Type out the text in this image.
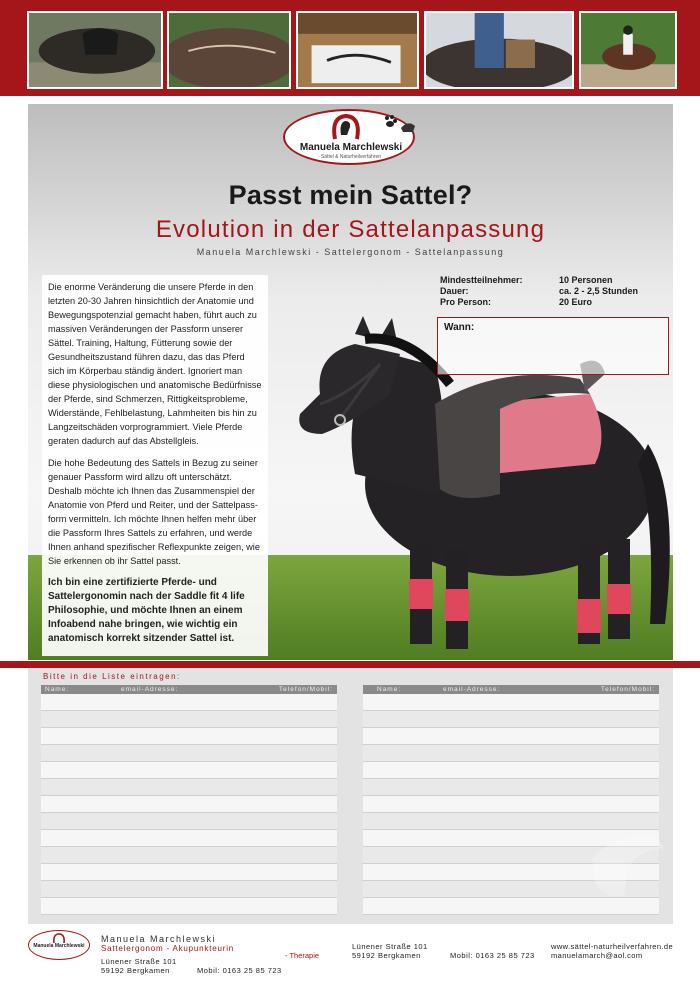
Manuela Marchlewski
Sättel & Naturheilverfahren
Passt mein Sattel?
Evolution in der Sattelanpassung
Manuela Marchlewski - Sattelergonom - Sattelanpassung

Die enorme Veränderung die unsere Pferde in den letzten 20-30 Jahren hinsichtlich der Anatomie und Bewegungspotenzial gemacht haben, führt auch zu massiven Veränderungen der Passform unserer Sättel. Training, Haltung, Fütterung sowie der Gesundheitszustand führen dazu, das das Pferd sich im Körperbau ständig ändert. Ignoriert man diese physiologischen und anatomische Bedürfnisse der Pferde, sind Schmerzen, Rittigkeitsprobleme, Widerstände, Fehlbelastung, Lahmheiten bis hin zu Langzeitschäden vorprogrammiert. Viele Pferde geraten dadurch auf das Abstellgleis.

Die hohe Bedeutung des Sattels in Bezug zu seiner genauer Passform wird allzu oft unterschätzt. Deshalb möchte ich Ihnen das Zusammenspiel der Anatomie von Pferd und Reiter, und der Sattelpass-form vermitteln. Ich möchte Ihnen helfen mehr über die Passform Ihres Sattels zu erfahren, und werde Ihnen anhand spezifischer Reflexpunkte zeigen, wie Sie erkennen ob ihr Sattel passt.

Ich bin eine zertifizierte Pferde- und Sattelergonomin nach der Saddle fit 4 life Philosophie, und möchte Ihnen an einem Infoabend nahe bringen, wie wichtig ein anatomisch korrekt sitzender Sattel ist.

Mindestteilnehmer:	10 Personen
Dauer:	ca. 2 - 2,5 Stunden
Pro Person:	20 Euro
Wann:
Bitte in die Liste eintragen:
Name:	email-Adresse:	Telefon/Mobil:	Name:	email-Adresse:	Telefon/Mobil:
Manuela Marchlewski
Manuela Marchlewski
Sattelergonom - Akupunkteurin
- Therapie
Lünener Straße 101
59192 Bergkamen	Mobil: 0163 25 85 723
Lünener Straße 101
59192 Bergkamen	Mobil: 0163 25 85 723
www.sättel-naturheilverfahren.de
manuelamarch@aol.com
